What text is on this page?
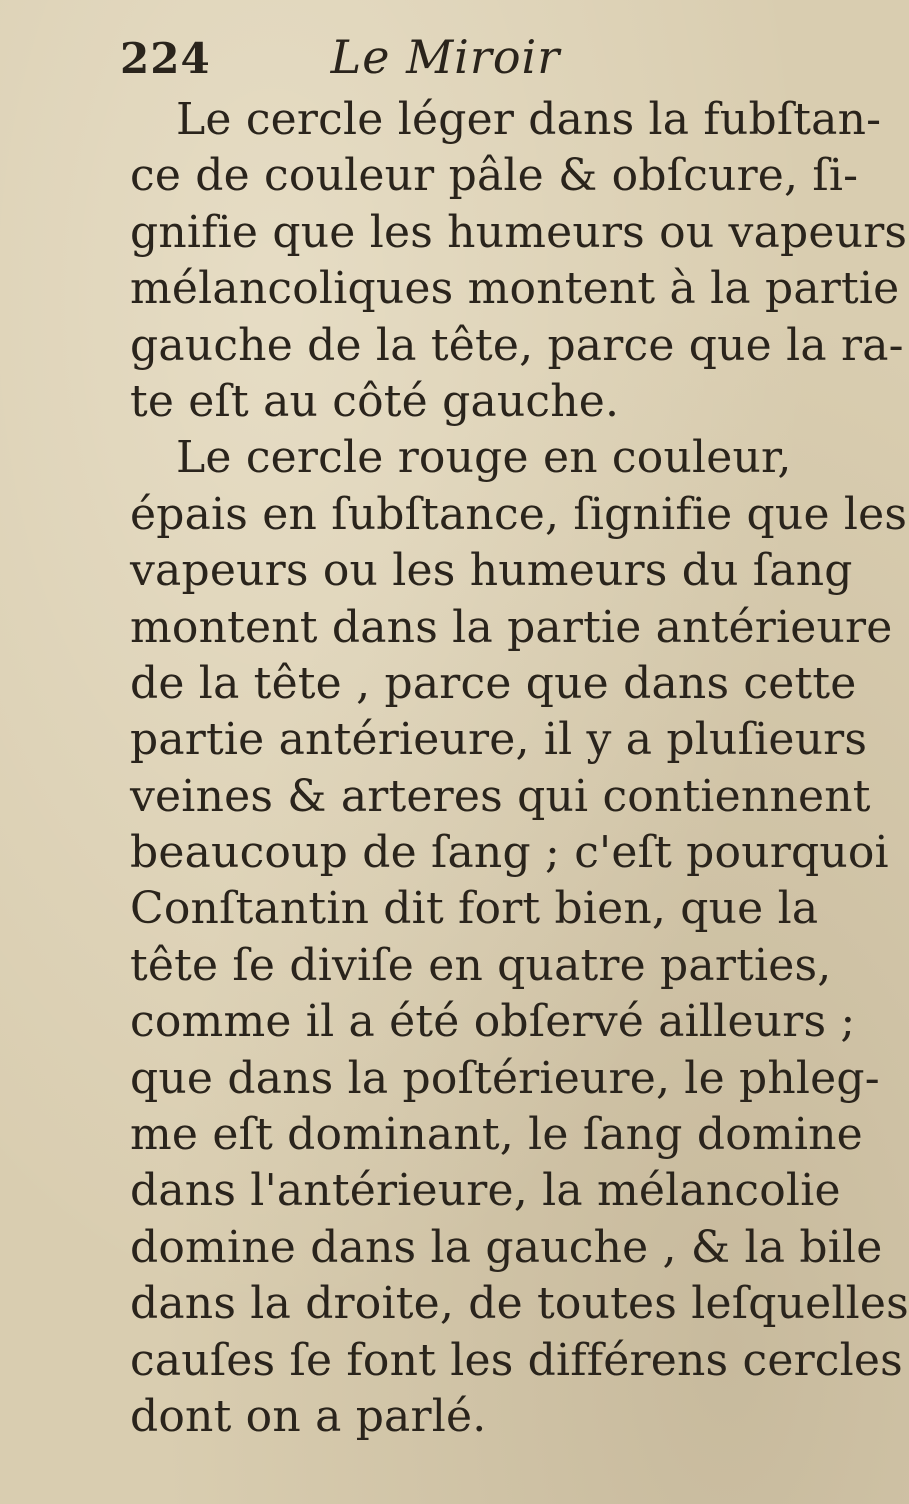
224	Le Miroir
Le cercle léger dans la fubſtan-
ce de couleur pâle & obſcure, ſi-
gnifie que les humeurs ou vapeurs
mélancoliques montent à la partie
gauche de la tête, parce que la ra-
te eſt au côté gauche.
Le cercle rouge en couleur,
épais en ſubſtance, ſignifie que les
vapeurs ou les humeurs du ſang
montent dans la partie antérieure
de la tête , parce que dans cette
partie antérieure, il y a pluſieurs
veines & arteres qui contiennent
beaucoup de ſang ; c'eſt pourquoi
Conſtantin dit fort bien, que la
tête ſe diviſe en quatre parties,
comme il a été obſervé ailleurs ;
que dans la poſtérieure, le phleg-
me eſt dominant, le ſang domine
dans l'antérieure, la mélancolie
domine dans la gauche , & la bile
dans la droite, de toutes leſquelles
cauſes ſe font les différens cercles
dont on a parlé.
